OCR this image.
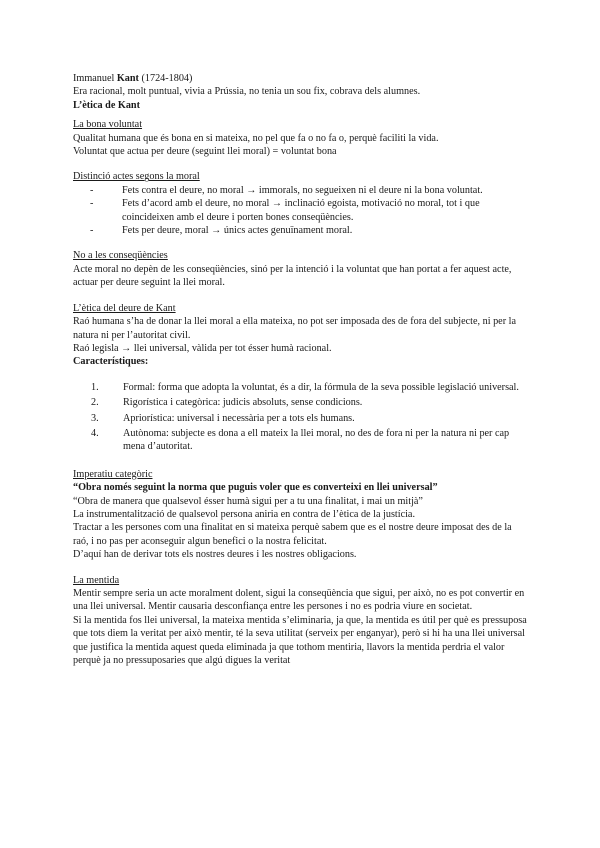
Immanuel Kant (1724-1804)

Era racional, molt puntual, vivia a Prússia, no tenia un sou fix, cobrava dels alumnes.

L’ètica de Kant

La bona voluntat

Qualitat humana que és bona en si mateixa, no pel que fa o no fa o, perquè faciliti la vida.

Voluntat que actua per deure (seguint llei moral) = voluntat bona

Distinció actes segons la moral

- Fets contra el deure, no moral → immorals, no segueixen ni el deure ni la bona voluntat.
- Fets d’acord amb el deure, no moral → inclinació egoista, motivació no moral, tot i que coincideixen amb el deure i porten bones conseqüències.
- Fets per deure, moral → únics actes genuïnament moral.

No a les conseqüències

Acte moral no depèn de les conseqüències, sinó per la intenció i la voluntat que han portat a fer aquest acte, actuar per deure seguint la llei moral.

L’ètica del deure de Kant

Raó humana s’ha de donar la llei moral a ella mateixa, no pot ser imposada des de fora del subjecte, ni per la natura ni per l’autoritat civil.

Raó legisla → llei universal, vàlida per tot ésser humà racional.

Característiques:

1. Formal: forma que adopta la voluntat, és a dir, la fórmula de la seva possible legislació universal.
2. Rigorística i categòrica: judicis absoluts, sense condicions.
3. Apriorística: universal i necessària per a tots els humans.
4. Autònoma: subjecte es dona a ell mateix la llei moral, no des de fora ni per la natura ni per cap mena d’autoritat.

Imperatiu categòric

“Obra només seguint la norma que puguis voler que es converteixi en llei universal”

“Obra de manera que qualsevol ésser humà sigui per a tu una finalitat, i mai un mitjà”

La instrumentalització de qualsevol persona aniria en contra de l’ètica de la justícia.

Tractar a les persones com una finalitat en si mateixa perquè sabem que es el nostre deure imposat des de la raó, i no pas per aconseguir algun benefici o la nostra felicitat.

D’aquí han de derivar tots els nostres deures i les nostres obligacions.

La mentida

Mentir sempre seria un acte moralment dolent, sigui la conseqüència que sigui, per això, no es pot convertir en una llei universal. Mentir causaria desconfiança entre les persones i no es podria viure en societat.

Si la mentida fos llei universal, la mateixa mentida s’eliminaria, ja que, la mentida es útil per què es pressuposa que tots diem la veritat per això mentir, té la seva utilitat (serveix per enganyar), però si hi ha una llei universal que justifica la mentida aquest queda eliminada ja que tothom mentiria, llavors la mentida perdria el valor perquè ja no pressuposaries que algú digues la veritat
